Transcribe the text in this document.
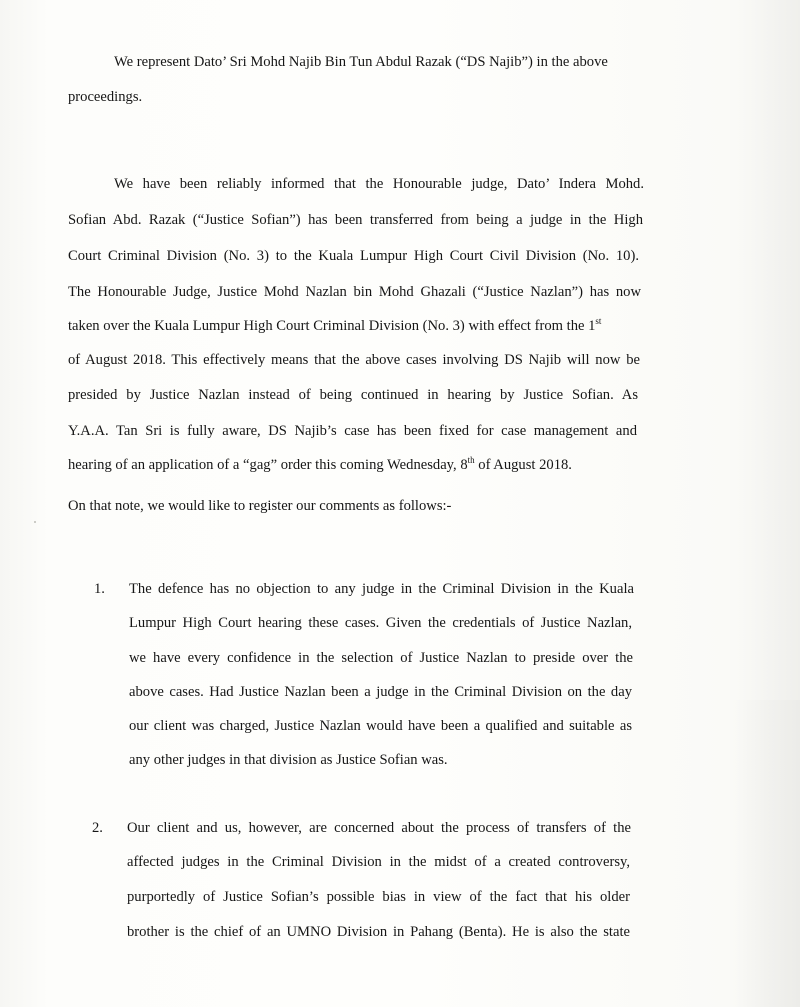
We represent Dato’ Sri Mohd Najib Bin Tun Abdul Razak (“DS Najib”) in the above
proceedings.
We have been reliably informed that the Honourable judge, Dato’ Indera Mohd.
Sofian Abd. Razak (“Justice Sofian”) has been transferred from being a judge in the High
Court Criminal Division (No. 3) to the Kuala Lumpur High Court Civil Division (No. 10).
The Honourable Judge, Justice Mohd Nazlan bin Mohd Ghazali (“Justice Nazlan”) has now
taken over the Kuala Lumpur High Court Criminal Division (No. 3) with effect from the 1st
of August 2018. This effectively means that the above cases involving DS Najib will now be
presided by Justice Nazlan instead of being continued in hearing by Justice Sofian. As
Y.A.A. Tan Sri is fully aware, DS Najib’s case has been fixed for case management and
hearing of an application of a “gag” order this coming Wednesday, 8th of August 2018.
On that note, we would like to register our comments as follows:-
1. The defence has no objection to any judge in the Criminal Division in the Kuala
Lumpur High Court hearing these cases. Given the credentials of Justice Nazlan,
we have every confidence in the selection of Justice Nazlan to preside over the
above cases. Had Justice Nazlan been a judge in the Criminal Division on the day
our client was charged, Justice Nazlan would have been a qualified and suitable as
any other judges in that division as Justice Sofian was.
2. Our client and us, however, are concerned about the process of transfers of the
affected judges in the Criminal Division in the midst of a created controversy,
purportedly of Justice Sofian’s possible bias in view of the fact that his older
brother is the chief of an UMNO Division in Pahang (Benta). He is also the state
